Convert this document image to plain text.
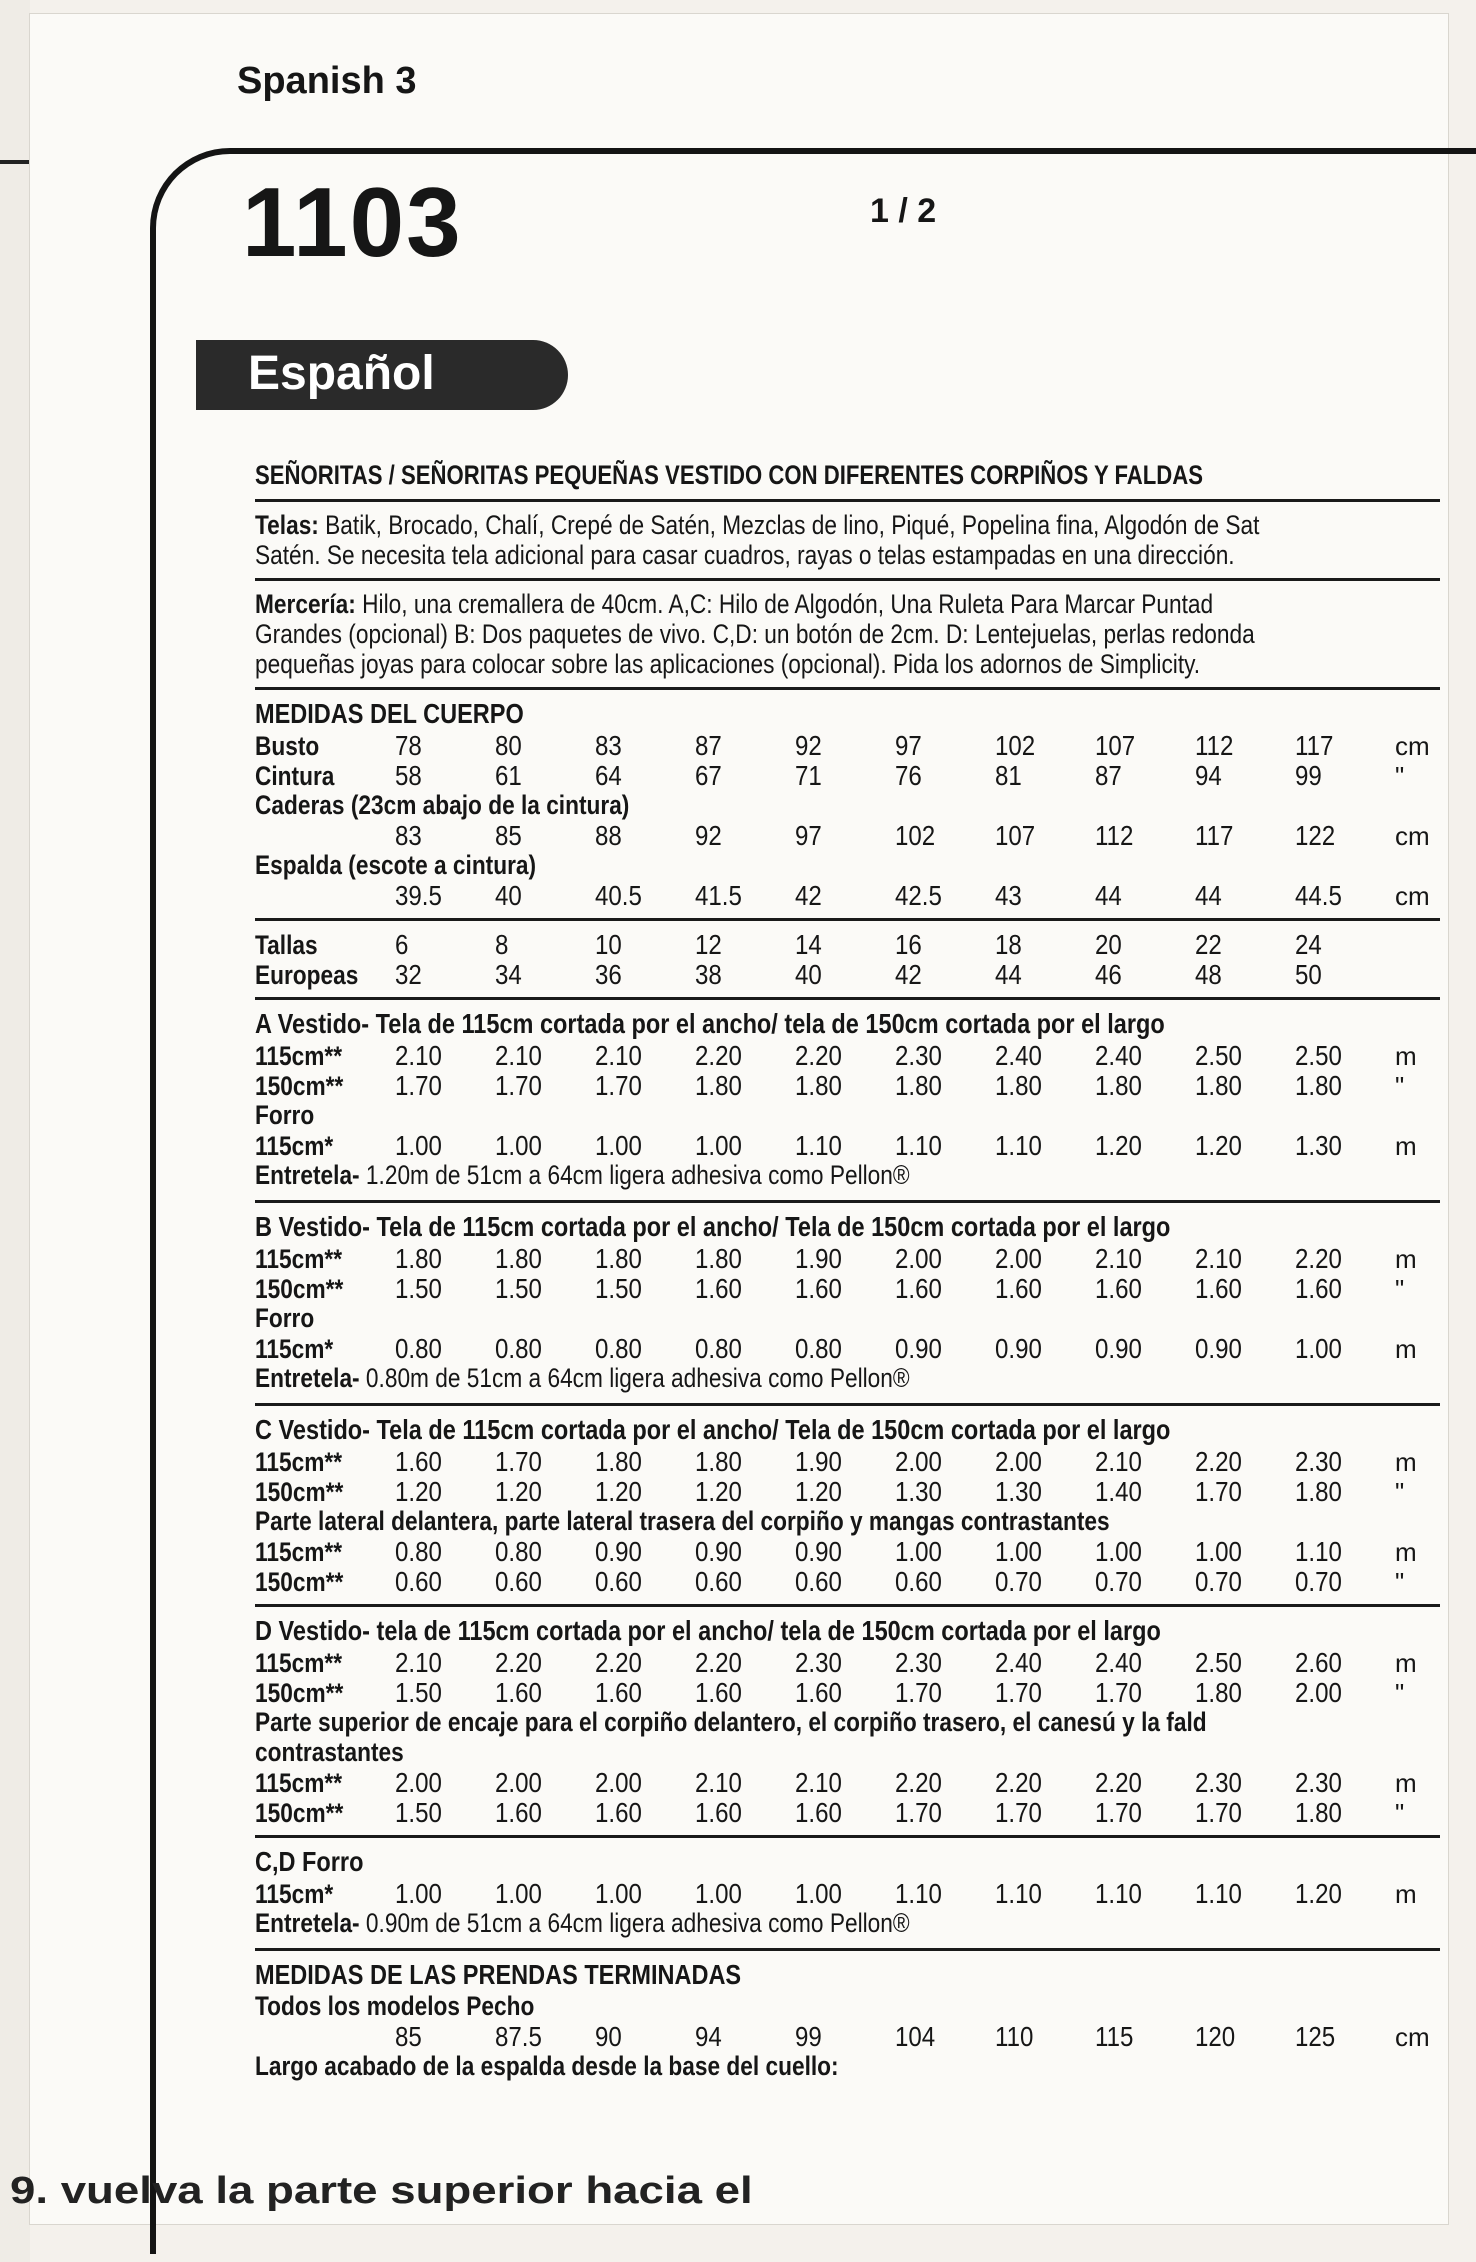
Spanish 3
1103	1 / 2
Español
SEÑORITAS / SEÑORITAS PEQUEÑAS VESTIDO CON DIFERENTES CORPIÑOS Y FALDAS
Telas: Batik, Brocado, Chalí, Crepé de Satén, Mezclas de lino, Piqué, Popelina fina, Algodón de Sat
Satén. Se necesita tela adicional para casar cuadros, rayas o telas estampadas en una dirección.
Mercería: Hilo, una cremallera de 40cm. A,C: Hilo de Algodón, Una Ruleta Para Marcar Puntad
Grandes (opcional) B: Dos paquetes de vivo. C,D: un botón de 2cm. D: Lentejuelas, perlas redonda
pequeñas joyas para colocar sobre las aplicaciones (opcional). Pida los adornos de Simplicity.
MEDIDAS DEL CUERPO
Busto	78	80	83	87	92	97	102	107	112	117	cm
Cintura	58	61	64	67	71	76	81	87	94	99	"
Caderas (23cm abajo de la cintura)
83	85	88	92	97	102	107	112	117	122	cm
Espalda (escote a cintura)
39.5	40	40.5	41.5	42	42.5	43	44	44	44.5	cm
Tallas	6	8	10	12	14	16	18	20	22	24
Europeas	32	34	36	38	40	42	44	46	48	50
A Vestido- Tela de 115cm cortada por el ancho/ tela de 150cm cortada por el largo
115cm**	2.10	2.10	2.10	2.20	2.20	2.30	2.40	2.40	2.50	2.50	m
150cm**	1.70	1.70	1.70	1.80	1.80	1.80	1.80	1.80	1.80	1.80	"
Forro
115cm*	1.00	1.00	1.00	1.00	1.10	1.10	1.10	1.20	1.20	1.30	m
Entretela- 1.20m de 51cm a 64cm ligera adhesiva como Pellon®
B Vestido- Tela de 115cm cortada por el ancho/ Tela de 150cm cortada por el largo
115cm**	1.80	1.80	1.80	1.80	1.90	2.00	2.00	2.10	2.10	2.20	m
150cm**	1.50	1.50	1.50	1.60	1.60	1.60	1.60	1.60	1.60	1.60	"
Forro
115cm*	0.80	0.80	0.80	0.80	0.80	0.90	0.90	0.90	0.90	1.00	m
Entretela- 0.80m de 51cm a 64cm ligera adhesiva como Pellon®
C Vestido- Tela de 115cm cortada por el ancho/ Tela de 150cm cortada por el largo
115cm**	1.60	1.70	1.80	1.80	1.90	2.00	2.00	2.10	2.20	2.30	m
150cm**	1.20	1.20	1.20	1.20	1.20	1.30	1.30	1.40	1.70	1.80	"
Parte lateral delantera, parte lateral trasera del corpiño y mangas contrastantes
115cm**	0.80	0.80	0.90	0.90	0.90	1.00	1.00	1.00	1.00	1.10	m
150cm**	0.60	0.60	0.60	0.60	0.60	0.60	0.70	0.70	0.70	0.70	"
D Vestido- tela de 115cm cortada por el ancho/ tela de 150cm cortada por el largo
115cm**	2.10	2.20	2.20	2.20	2.30	2.30	2.40	2.40	2.50	2.60	m
150cm**	1.50	1.60	1.60	1.60	1.60	1.70	1.70	1.70	1.80	2.00	"
Parte superior de encaje para el corpiño delantero, el corpiño trasero, el canesú y la fald
contrastantes
115cm**	2.00	2.00	2.00	2.10	2.10	2.20	2.20	2.20	2.30	2.30	m
150cm**	1.50	1.60	1.60	1.60	1.60	1.70	1.70	1.70	1.70	1.80	"
C,D Forro
115cm*	1.00	1.00	1.00	1.00	1.00	1.10	1.10	1.10	1.10	1.20	m
Entretela- 0.90m de 51cm a 64cm ligera adhesiva como Pellon®
MEDIDAS DE LAS PRENDAS TERMINADAS
Todos los modelos Pecho
85	87.5	90	94	99	104	110	115	120	125	cm
Largo acabado de la espalda desde la base del cuello:
9. vuelva la parte superior hacia el
